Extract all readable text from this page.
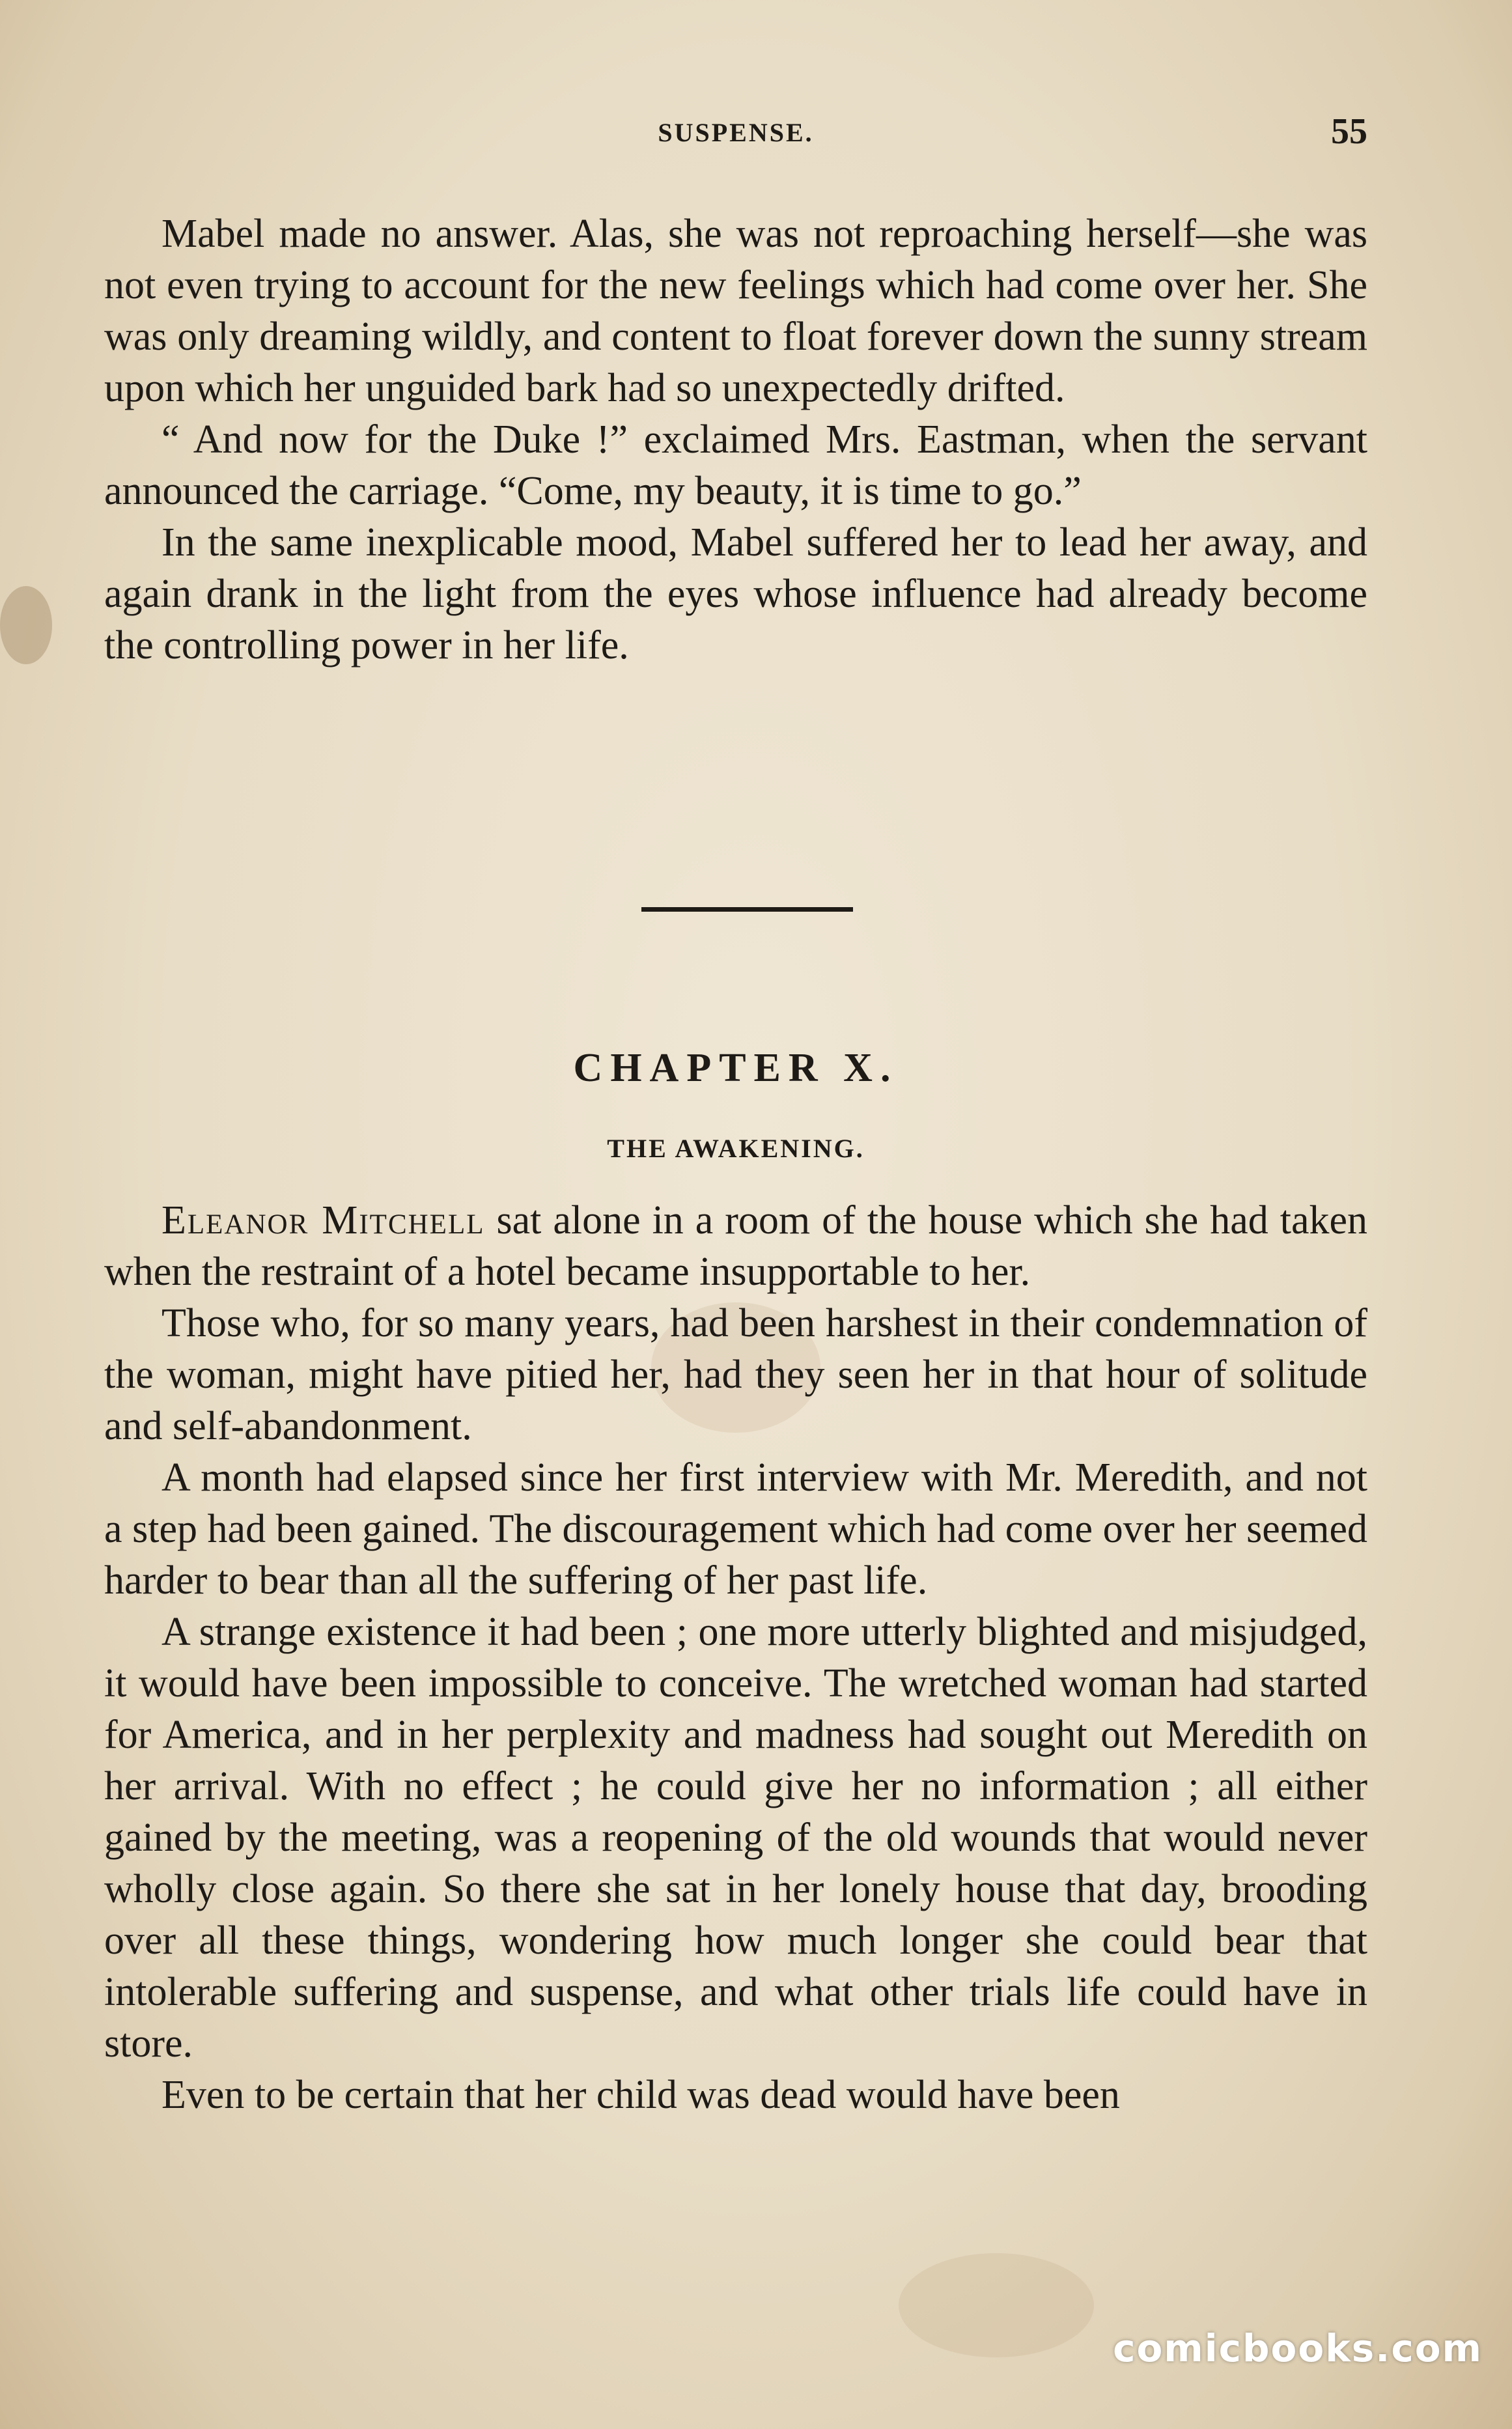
SUSPENSE.	55

Mabel made no answer. Alas, she was not reproaching herself—she was not even trying to account for the new feelings which had come over her. She was only dreaming wildly, and content to float forever down the sunny stream upon which her unguided bark had so unexpectedly drifted.

“ And now for the Duke !” exclaimed Mrs. Eastman, when the servant announced the carriage. “Come, my beauty, it is time to go.”

In the same inexplicable mood, Mabel suffered her to lead her away, and again drank in the light from the eyes whose influence had already become the controlling power in her life.

CHAPTER X.
THE AWAKENING.

Eleanor Mitchell sat alone in a room of the house which she had taken when the restraint of a hotel became insupportable to her.

Those who, for so many years, had been harshest in their condemnation of the woman, might have pitied her, had they seen her in that hour of solitude and self-abandonment.

A month had elapsed since her first interview with Mr. Meredith, and not a step had been gained. The discouragement which had come over her seemed harder to bear than all the suffering of her past life.

A strange existence it had been ; one more utterly blighted and misjudged, it would have been impossible to conceive. The wretched woman had started for America, and in her perplexity and madness had sought out Meredith on her arrival. With no effect ; he could give her no information ; all either gained by the meeting, was a reopening of the old wounds that would never wholly close again. So there she sat in her lonely house that day, brooding over all these things, wondering how much longer she could bear that intolerable suffering and suspense, and what other trials life could have in store.

Even to be certain that her child was dead would have been

comicbooks.com
